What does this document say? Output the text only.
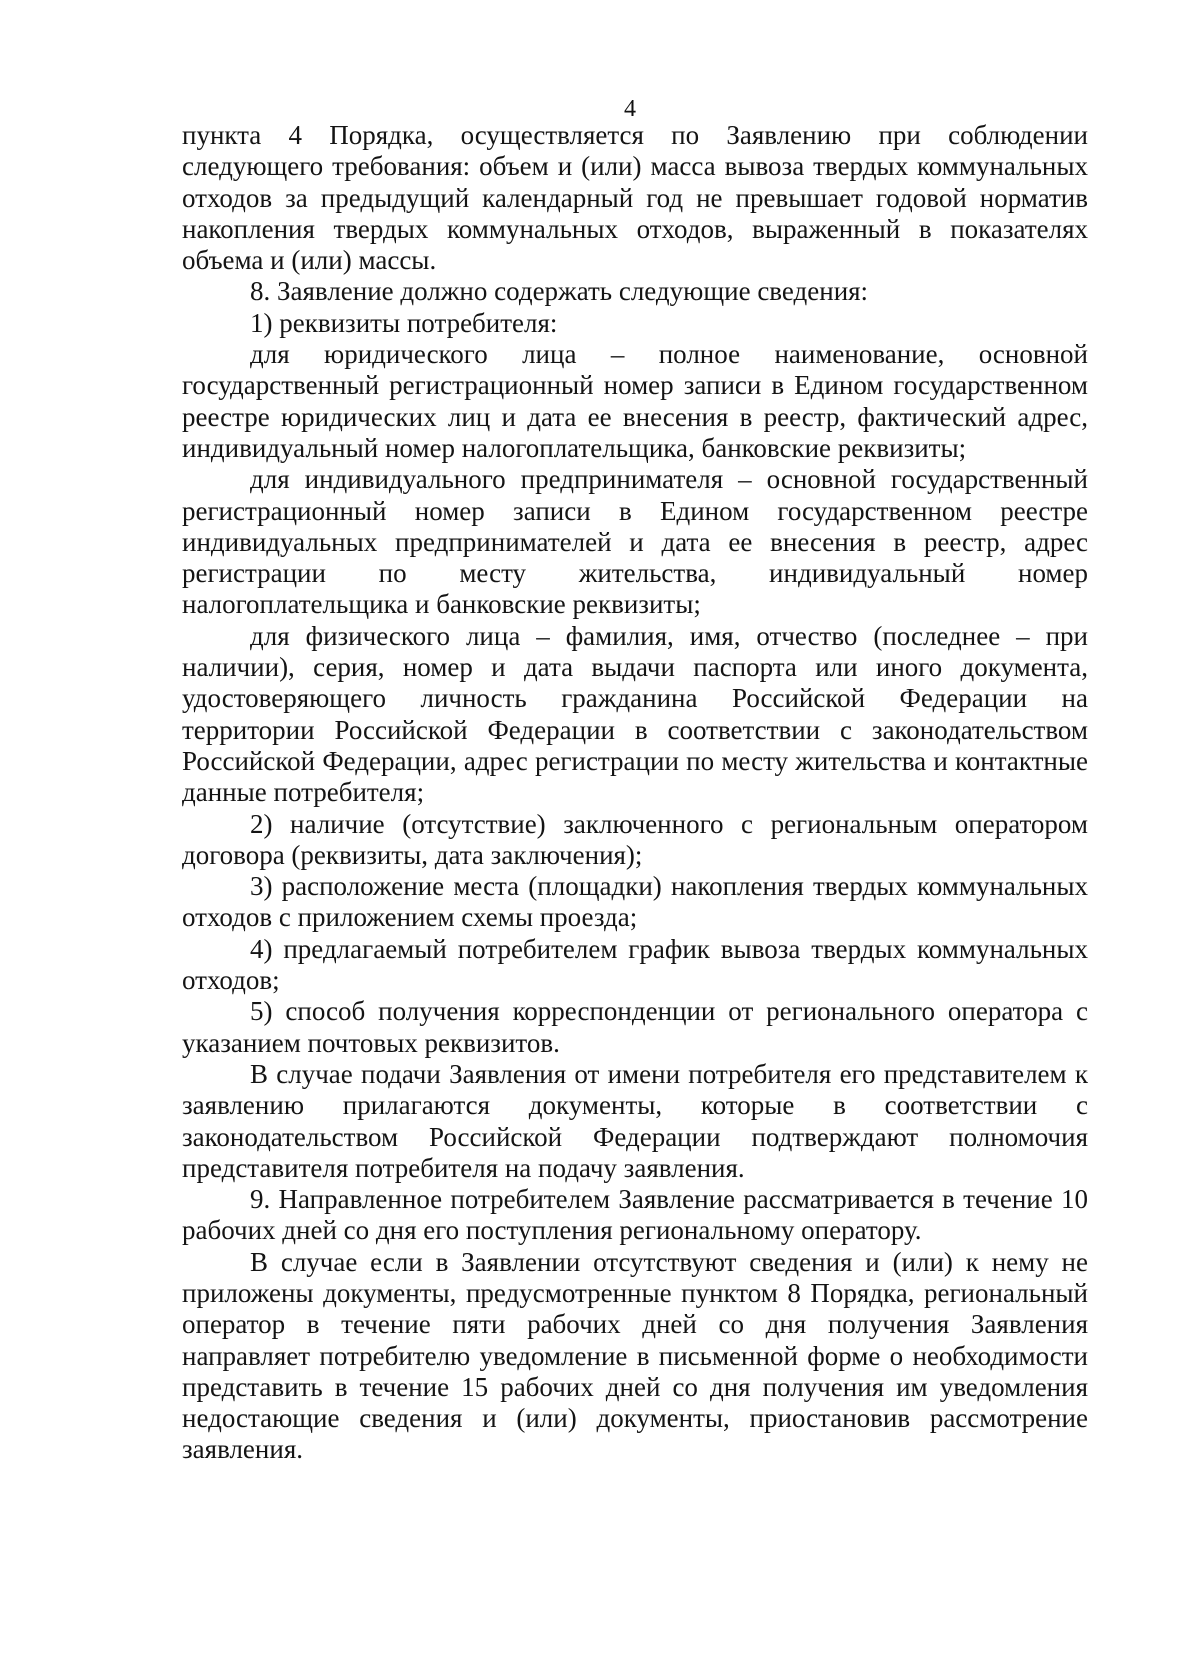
4

пункта 4 Порядка, осуществляется по Заявлению при соблюдении следующего требования: объем и (или) масса вывоза твердых коммунальных отходов за предыдущий календарный год не превышает годовой норматив накопления твердых коммунальных отходов, выраженный в показателях объема и (или) массы.

8. Заявление должно содержать следующие сведения:

1) реквизиты потребителя:

для юридического лица – полное наименование, основной государственный регистрационный номер записи в Едином государственном реестре юридических лиц и дата ее внесения в реестр, фактический адрес, индивидуальный номер налогоплательщика, банковские реквизиты;

для индивидуального предпринимателя – основной государственный регистрационный номер записи в Едином государственном реестре индивидуальных предпринимателей и дата ее внесения в реестр, адрес регистрации по месту жительства, индивидуальный номер налогоплательщика и банковские реквизиты;

для физического лица – фамилия, имя, отчество (последнее – при наличии), серия, номер и дата выдачи паспорта или иного документа, удостоверяющего личность гражданина Российской Федерации на территории Российской Федерации в соответствии с законодательством Российской Федерации, адрес регистрации по месту жительства и контактные данные потребителя;

2) наличие (отсутствие) заключенного с региональным оператором договора (реквизиты, дата заключения);

3) расположение места (площадки) накопления твердых коммунальных отходов с приложением схемы проезда;

4) предлагаемый потребителем график вывоза твердых коммунальных отходов;

5) способ получения корреспонденции от регионального оператора с указанием почтовых реквизитов.

В случае подачи Заявления от имени потребителя его представителем к заявлению прилагаются документы, которые в соответствии с законодательством Российской Федерации подтверждают полномочия представителя потребителя на подачу заявления.

9. Направленное потребителем Заявление рассматривается в течение 10 рабочих дней со дня его поступления региональному оператору.

В случае если в Заявлении отсутствуют сведения и (или) к нему не приложены документы, предусмотренные пунктом 8 Порядка, региональный оператор в течение пяти рабочих дней со дня получения Заявления направляет потребителю уведомление в письменной форме о необходимости представить в течение 15 рабочих дней со дня получения им уведомления недостающие сведения и (или) документы, приостановив рассмотрение заявления.
